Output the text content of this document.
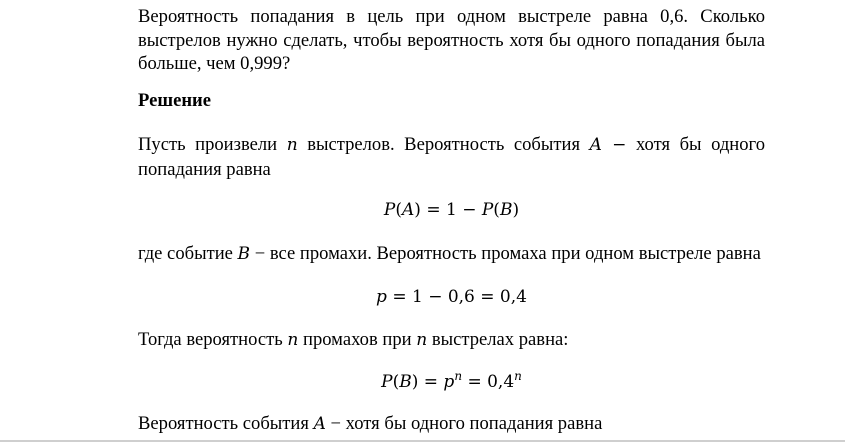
Вероятность попадания в цель при одном выстреле равна 0,6. Сколько выстрелов нужно сделать, чтобы вероятность хотя бы одного попадания была больше, чем 0,999?

Решение

Пусть произвели n выстрелов. Вероятность события A − хотя бы одного попадания равна

P(A) = 1 − P(B)

где событие B − все промахи. Вероятность промаха при одном выстреле равна

p = 1 − 0,6 = 0,4

Тогда вероятность n промахов при n выстрелах равна:

$P(B) = p^n = 0,4^n$

Вероятность события A − хотя бы одного попадания равна
